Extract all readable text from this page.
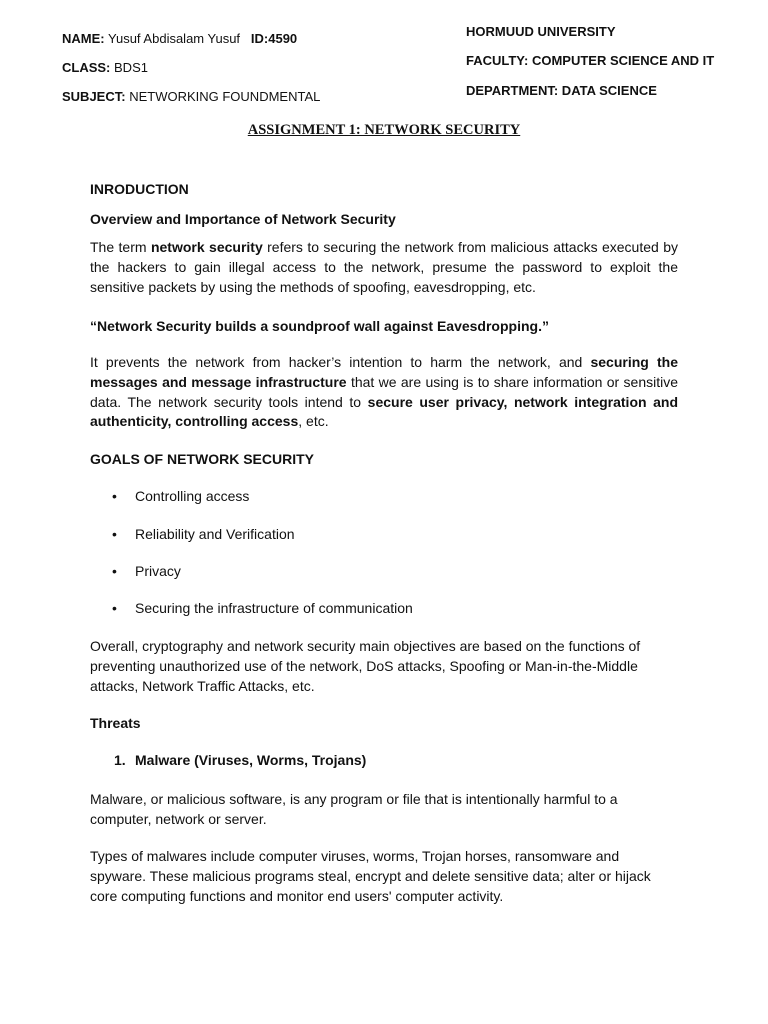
NAME: Yusuf Abdisalam Yusuf ID:4590
CLASS: BDS1
SUBJECT: NETWORKING FOUNDMENTAL
HORMUUD UNIVERSITY
FACULTY: COMPUTER SCIENCE AND IT
DEPARTMENT: DATA SCIENCE
ASSIGNMENT 1: NETWORK SECURITY
INRODUCTION
Overview and Importance of Network Security
The term network security refers to securing the network from malicious attacks executed by the hackers to gain illegal access to the network, presume the password to exploit the sensitive packets by using the methods of spoofing, eavesdropping, etc.
“Network Security builds a soundproof wall against Eavesdropping.”
It prevents the network from hacker’s intention to harm the network, and securing the messages and message infrastructure that we are using is to share information or sensitive data. The network security tools intend to secure user privacy, network integration and authenticity, controlling access, etc.
GOALS OF NETWORK SECURITY
• Controlling access
• Reliability and Verification
• Privacy
• Securing the infrastructure of communication
Overall, cryptography and network security main objectives are based on the functions of preventing unauthorized use of the network, DoS attacks, Spoofing or Man-in-the-Middle attacks, Network Traffic Attacks, etc.
Threats
1. Malware (Viruses, Worms, Trojans)
Malware, or malicious software, is any program or file that is intentionally harmful to a computer, network or server.
Types of malwares include computer viruses, worms, Trojan horses, ransomware and spyware. These malicious programs steal, encrypt and delete sensitive data; alter or hijack core computing functions and monitor end users' computer activity.
